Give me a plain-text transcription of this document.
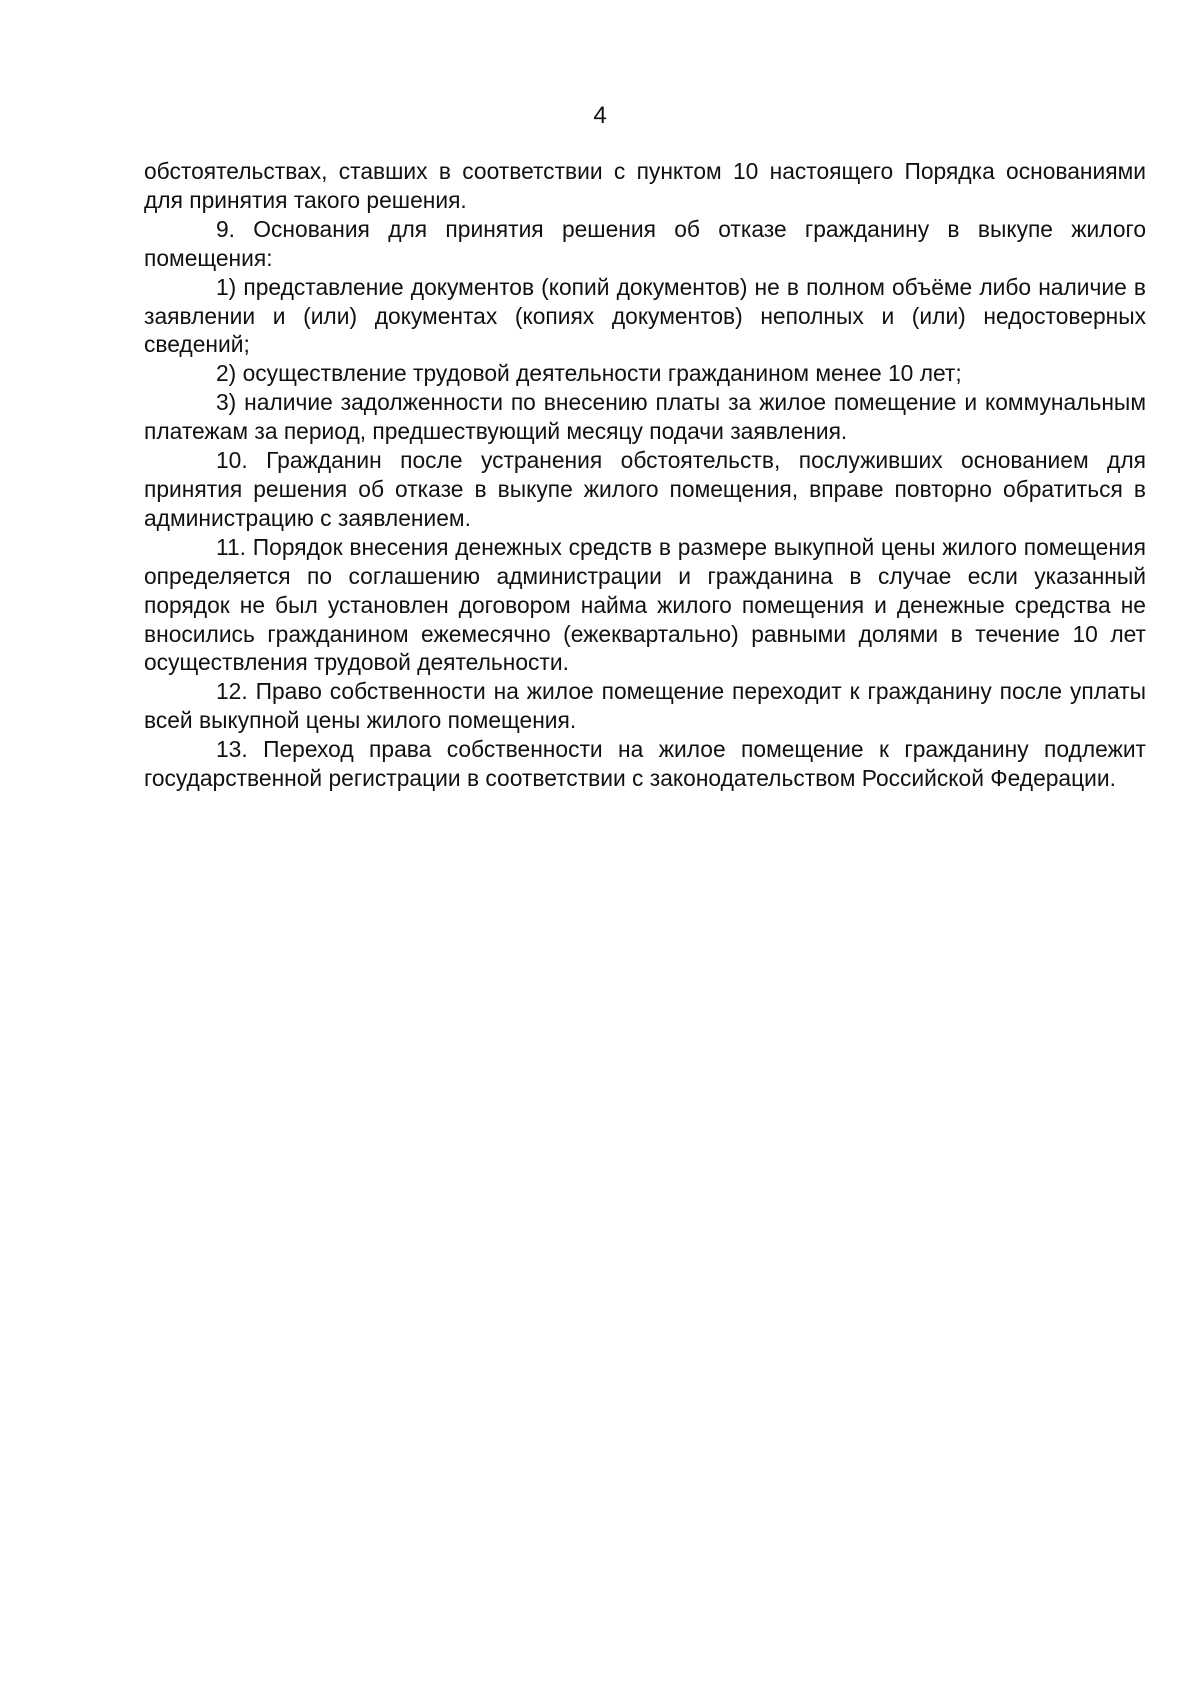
4

обстоятельствах, ставших в соответствии с пунктом 10 настоящего Порядка основаниями для принятия такого решения.

9. Основания для принятия решения об отказе гражданину в выкупе жилого помещения:

1) представление документов (копий документов) не в полном объёме либо наличие в заявлении и (или) документах (копиях документов) неполных и (или) недостоверных сведений;

2) осуществление трудовой деятельности гражданином менее 10 лет;

3) наличие задолженности по внесению платы за жилое помещение и коммунальным платежам за период, предшествующий месяцу подачи заявления.

10. Гражданин после устранения обстоятельств, послуживших основанием для принятия решения об отказе в выкупе жилого помещения, вправе повторно обратиться в администрацию с заявлением.

11. Порядок внесения денежных средств в размере выкупной цены жилого помещения определяется по соглашению администрации и гражданина в случае если указанный порядок не был установлен договором найма жилого помещения и денежные средства не вносились гражданином ежемесячно (ежеквартально) равными долями в течение 10 лет осуществления трудовой деятельности.

12. Право собственности на жилое помещение переходит к гражданину после уплаты всей выкупной цены жилого помещения.

13. Переход права собственности на жилое помещение к гражданину подлежит государственной регистрации в соответствии с законодательством Российской Федерации.
